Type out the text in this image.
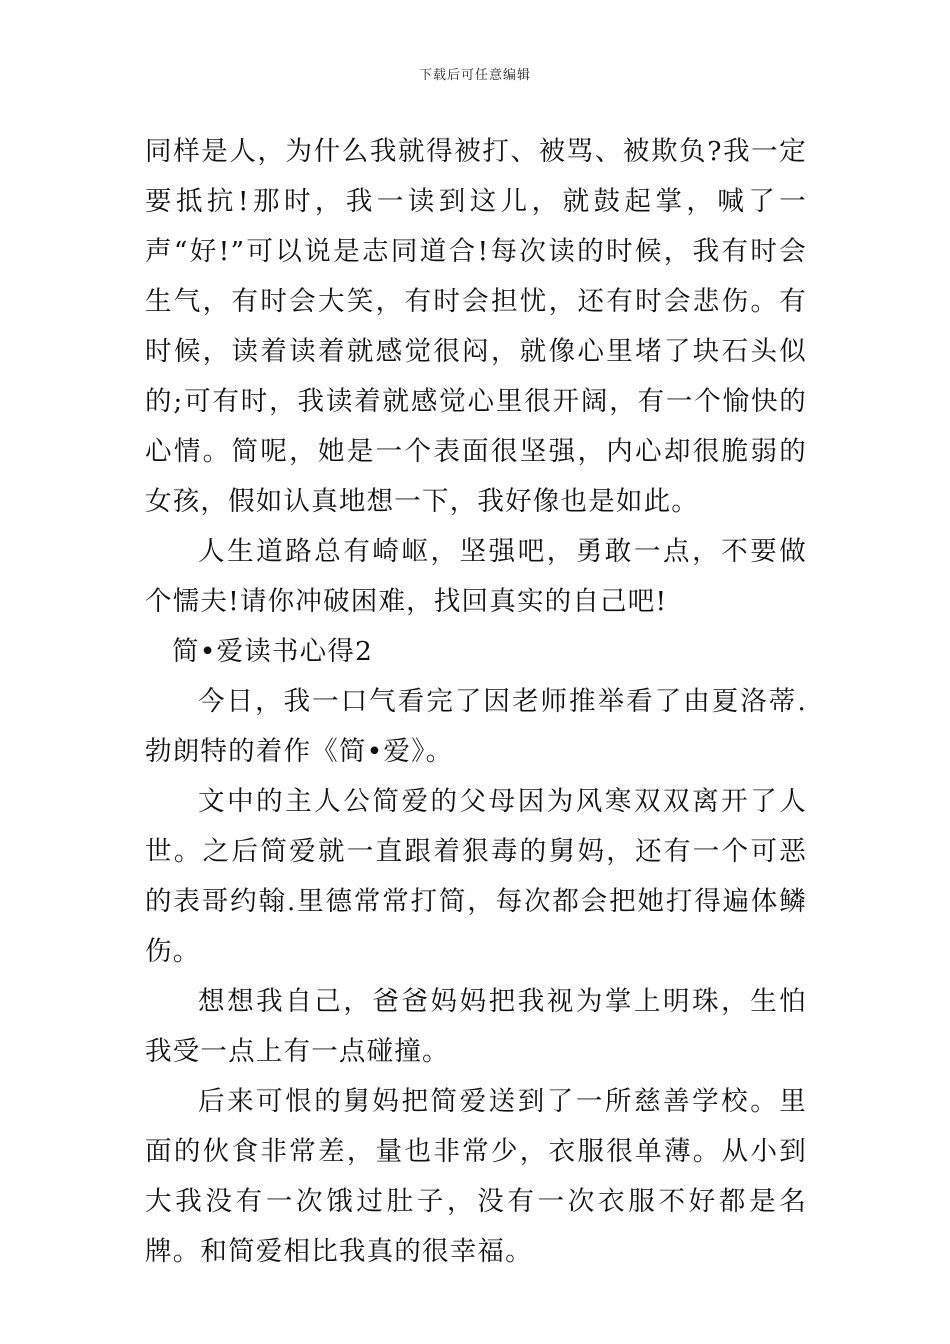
下载后可任意编辑

同样是人，为什么我就得被打、被骂、被欺负?我一定要抵抗!那时，我一读到这儿，就鼓起掌，喊了一声“好!”可以说是志同道合!每次读的时候，我有时会生气，有时会大笑，有时会担忧，还有时会悲伤。有时候，读着读着就感觉很闷，就像心里堵了块石头似的;可有时，我读着就感觉心里很开阔，有一个愉快的心情。简呢，她是一个表面很坚强，内心却很脆弱的女孩，假如认真地想一下，我好像也是如此。

人生道路总有崎岖，坚强吧，勇敢一点，不要做个懦夫!请你冲破困难，找回真实的自己吧!

简•爱读书心得2

今日，我一口气看完了因老师推举看了由夏洛蒂.勃朗特的着作《简•爱》。

文中的主人公简爱的父母因为风寒双双离开了人世。之后简爱就一直跟着狠毒的舅妈，还有一个可恶的表哥约翰.里德常常打简，每次都会把她打得遍体鳞伤。

想想我自己，爸爸妈妈把我视为掌上明珠，生怕我受一点上有一点碰撞。

后来可恨的舅妈把简爱送到了一所慈善学校。里面的伙食非常差，量也非常少，衣服很单薄。从小到大我没有一次饿过肚子，没有一次衣服不好都是名牌。和简爱相比我真的很幸福。
